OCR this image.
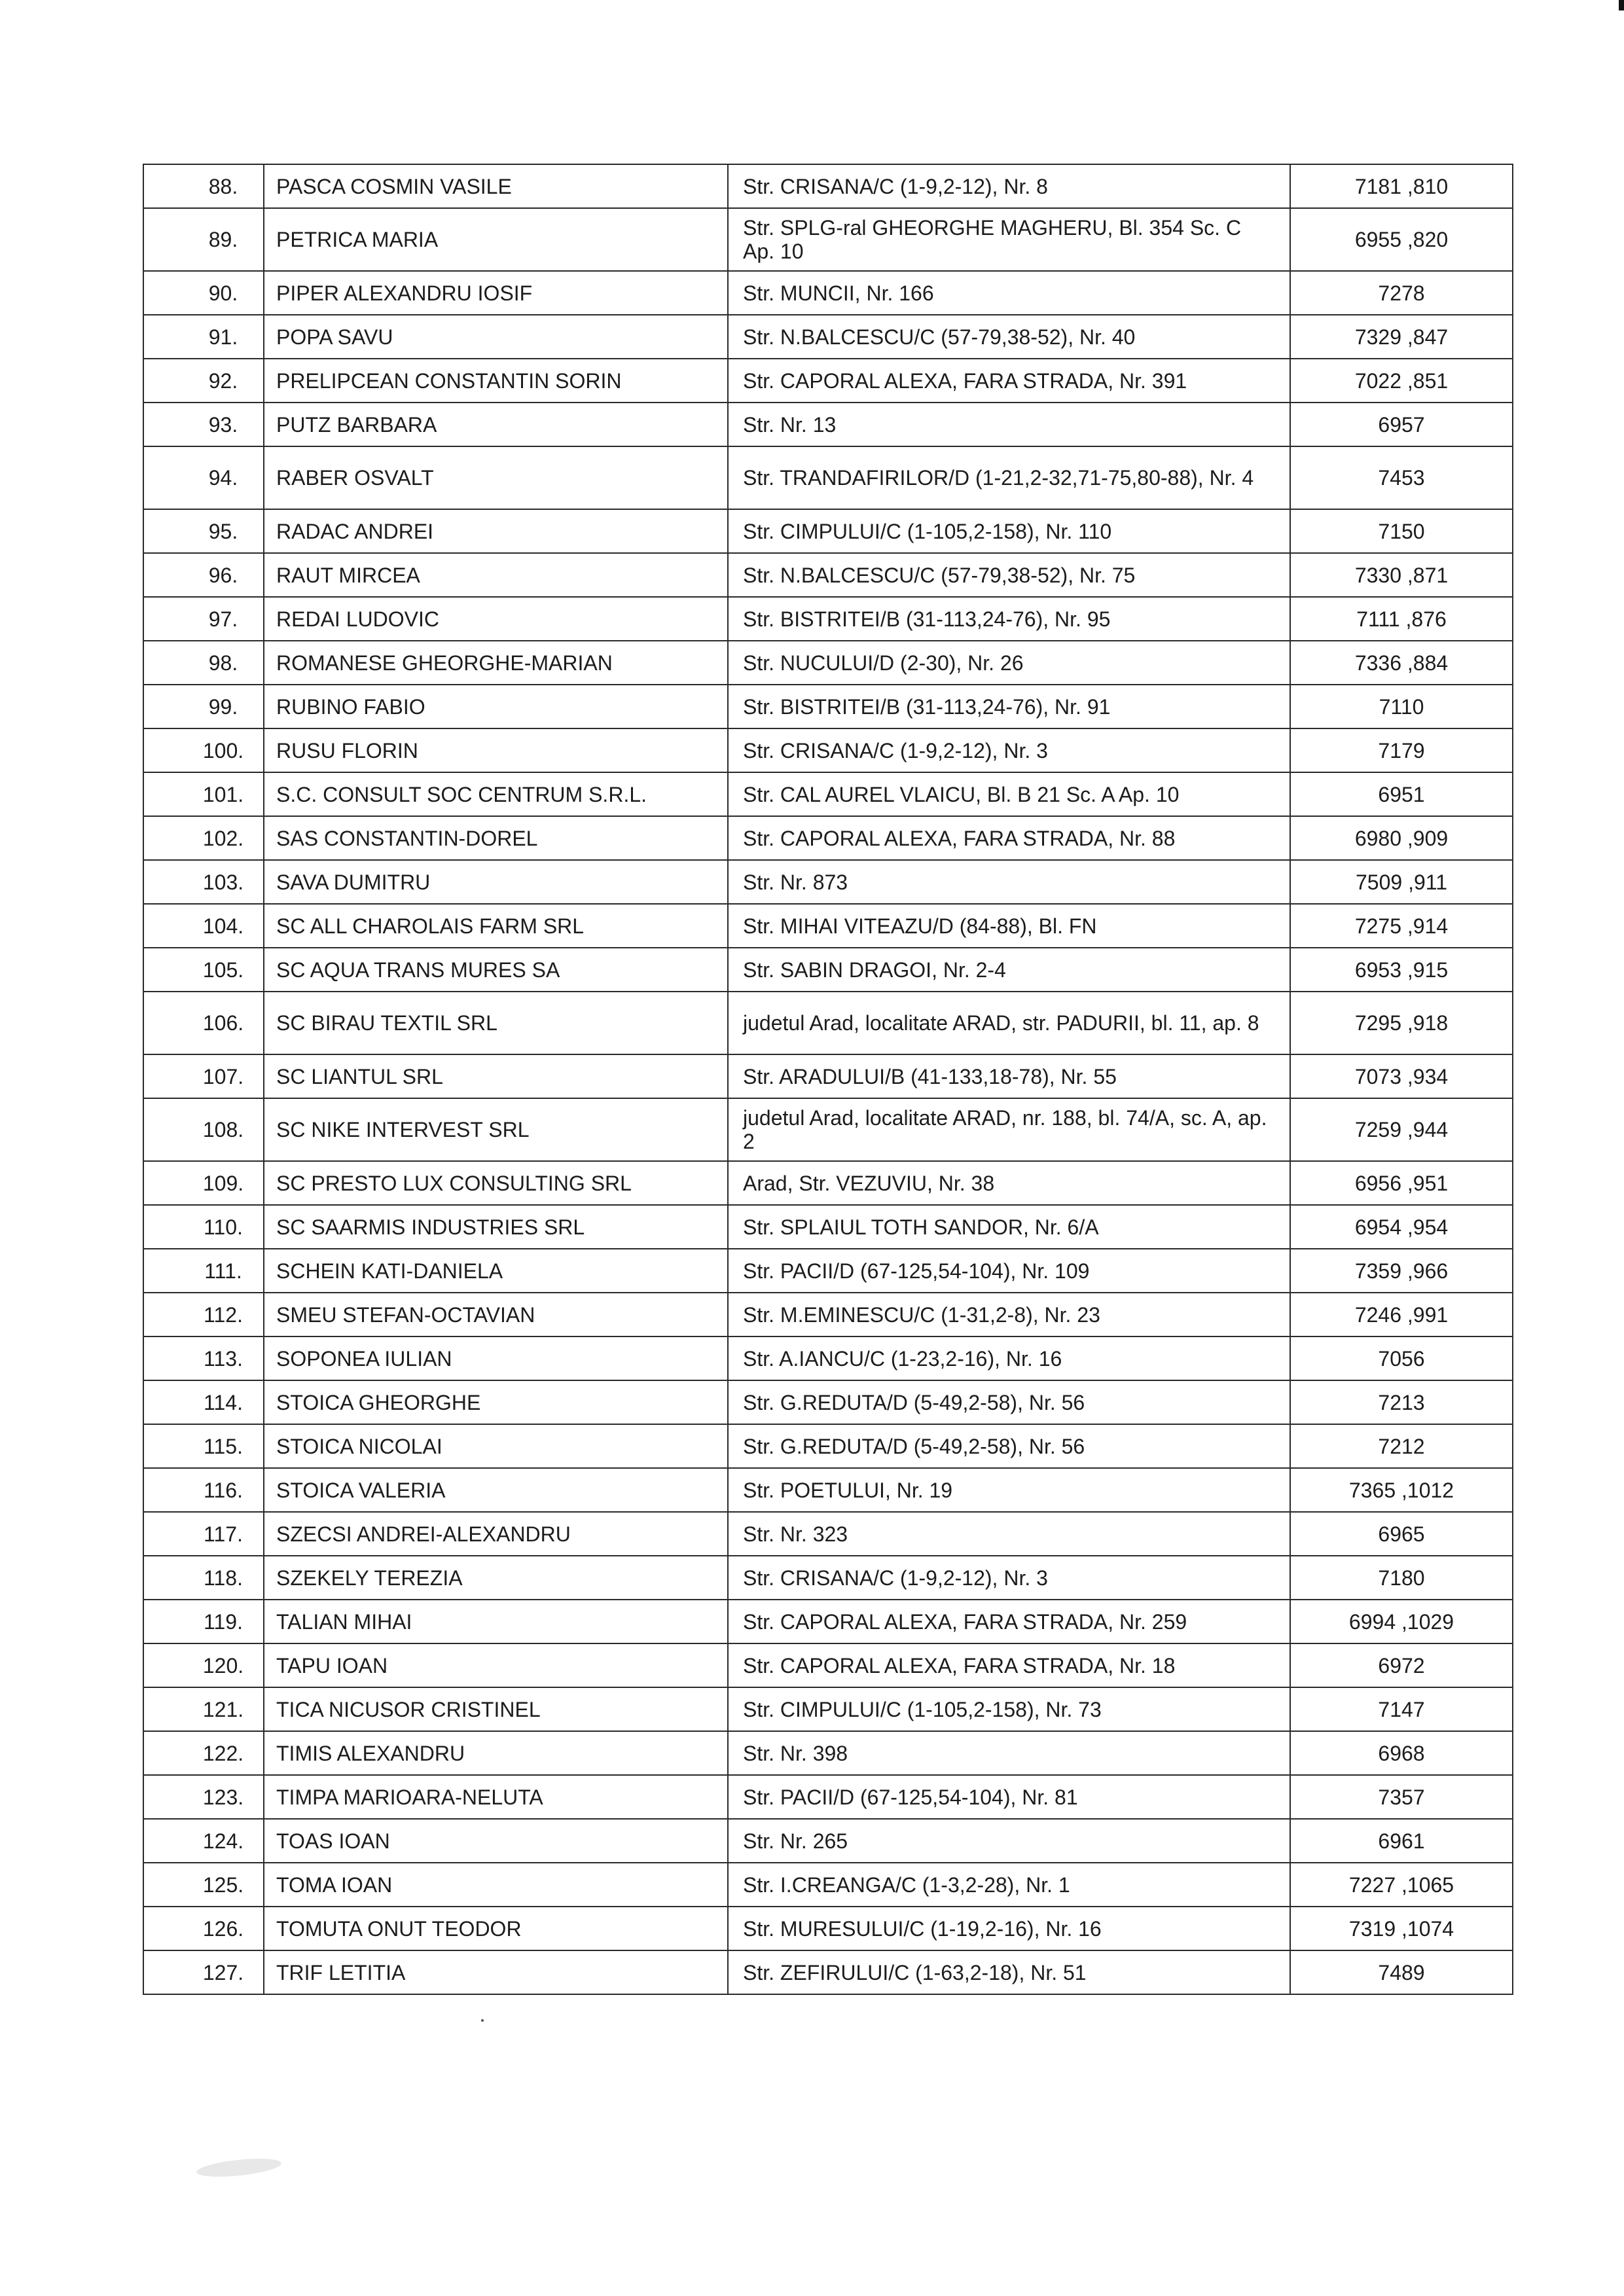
88.	PASCA COSMIN VASILE	Str. CRISANA/C (1-9,2-12), Nr. 8	7181 ,810
89.	PETRICA MARIA	Str. SPLG-ral GHEORGHE MAGHERU, Bl. 354 Sc. C Ap. 10	6955 ,820
90.	PIPER ALEXANDRU IOSIF	Str. MUNCII, Nr. 166	7278
91.	POPA SAVU	Str. N.BALCESCU/C (57-79,38-52), Nr. 40	7329 ,847
92.	PRELIPCEAN CONSTANTIN SORIN	Str. CAPORAL ALEXA, FARA STRADA, Nr. 391	7022 ,851
93.	PUTZ BARBARA	Str. Nr. 13	6957
94.	RABER OSVALT	Str. TRANDAFIRILOR/D (1-21,2-32,71-75,80-88), Nr. 4	7453
95.	RADAC ANDREI	Str. CIMPULUI/C (1-105,2-158), Nr. 110	7150
96.	RAUT MIRCEA	Str. N.BALCESCU/C (57-79,38-52), Nr. 75	7330 ,871
97.	REDAI LUDOVIC	Str. BISTRITEI/B (31-113,24-76), Nr. 95	7111 ,876
98.	ROMANESE GHEORGHE-MARIAN	Str. NUCULUI/D (2-30), Nr. 26	7336 ,884
99.	RUBINO FABIO	Str. BISTRITEI/B (31-113,24-76), Nr. 91	7110
100.	RUSU FLORIN	Str. CRISANA/C (1-9,2-12), Nr. 3	7179
101.	S.C. CONSULT SOC CENTRUM S.R.L.	Str. CAL AUREL VLAICU, Bl. B 21 Sc. A Ap. 10	6951
102.	SAS CONSTANTIN-DOREL	Str. CAPORAL ALEXA, FARA STRADA, Nr. 88	6980 ,909
103.	SAVA DUMITRU	Str. Nr. 873	7509 ,911
104.	SC ALL CHAROLAIS FARM SRL	Str. MIHAI VITEAZU/D (84-88), Bl. FN	7275 ,914
105.	SC AQUA TRANS MURES SA	Str. SABIN DRAGOI, Nr. 2-4	6953 ,915
106.	SC BIRAU TEXTIL SRL	judetul Arad, localitate ARAD, str. PADURII, bl. 11, ap. 8	7295 ,918
107.	SC LIANTUL SRL	Str. ARADULUI/B (41-133,18-78), Nr. 55	7073 ,934
108.	SC NIKE INTERVEST SRL	judetul Arad, localitate ARAD, nr. 188, bl. 74/A, sc. A, ap. 2	7259 ,944
109.	SC PRESTO LUX CONSULTING SRL	Arad, Str. VEZUVIU, Nr. 38	6956 ,951
110.	SC SAARMIS INDUSTRIES SRL	Str. SPLAIUL TOTH SANDOR, Nr. 6/A	6954 ,954
111.	SCHEIN KATI-DANIELA	Str. PACII/D (67-125,54-104), Nr. 109	7359 ,966
112.	SMEU STEFAN-OCTAVIAN	Str. M.EMINESCU/C (1-31,2-8), Nr. 23	7246 ,991
113.	SOPONEA IULIAN	Str. A.IANCU/C (1-23,2-16), Nr. 16	7056
114.	STOICA GHEORGHE	Str. G.REDUTA/D (5-49,2-58), Nr. 56	7213
115.	STOICA NICOLAI	Str. G.REDUTA/D (5-49,2-58), Nr. 56	7212
116.	STOICA VALERIA	Str. POETULUI, Nr. 19	7365 ,1012
117.	SZECSI ANDREI-ALEXANDRU	Str. Nr. 323	6965
118.	SZEKELY TEREZIA	Str. CRISANA/C (1-9,2-12), Nr. 3	7180
119.	TALIAN MIHAI	Str. CAPORAL ALEXA, FARA STRADA, Nr. 259	6994 ,1029
120.	TAPU IOAN	Str. CAPORAL ALEXA, FARA STRADA, Nr. 18	6972
121.	TICA NICUSOR CRISTINEL	Str. CIMPULUI/C (1-105,2-158), Nr. 73	7147
122.	TIMIS ALEXANDRU	Str. Nr. 398	6968
123.	TIMPA MARIOARA-NELUTA	Str. PACII/D (67-125,54-104), Nr. 81	7357
124.	TOAS IOAN	Str. Nr. 265	6961
125.	TOMA IOAN	Str. I.CREANGA/C (1-3,2-28), Nr. 1	7227 ,1065
126.	TOMUTA ONUT TEODOR	Str. MURESULUI/C (1-19,2-16), Nr. 16	7319 ,1074
127.	TRIF LETITIA	Str. ZEFIRULUI/C (1-63,2-18), Nr. 51	7489
